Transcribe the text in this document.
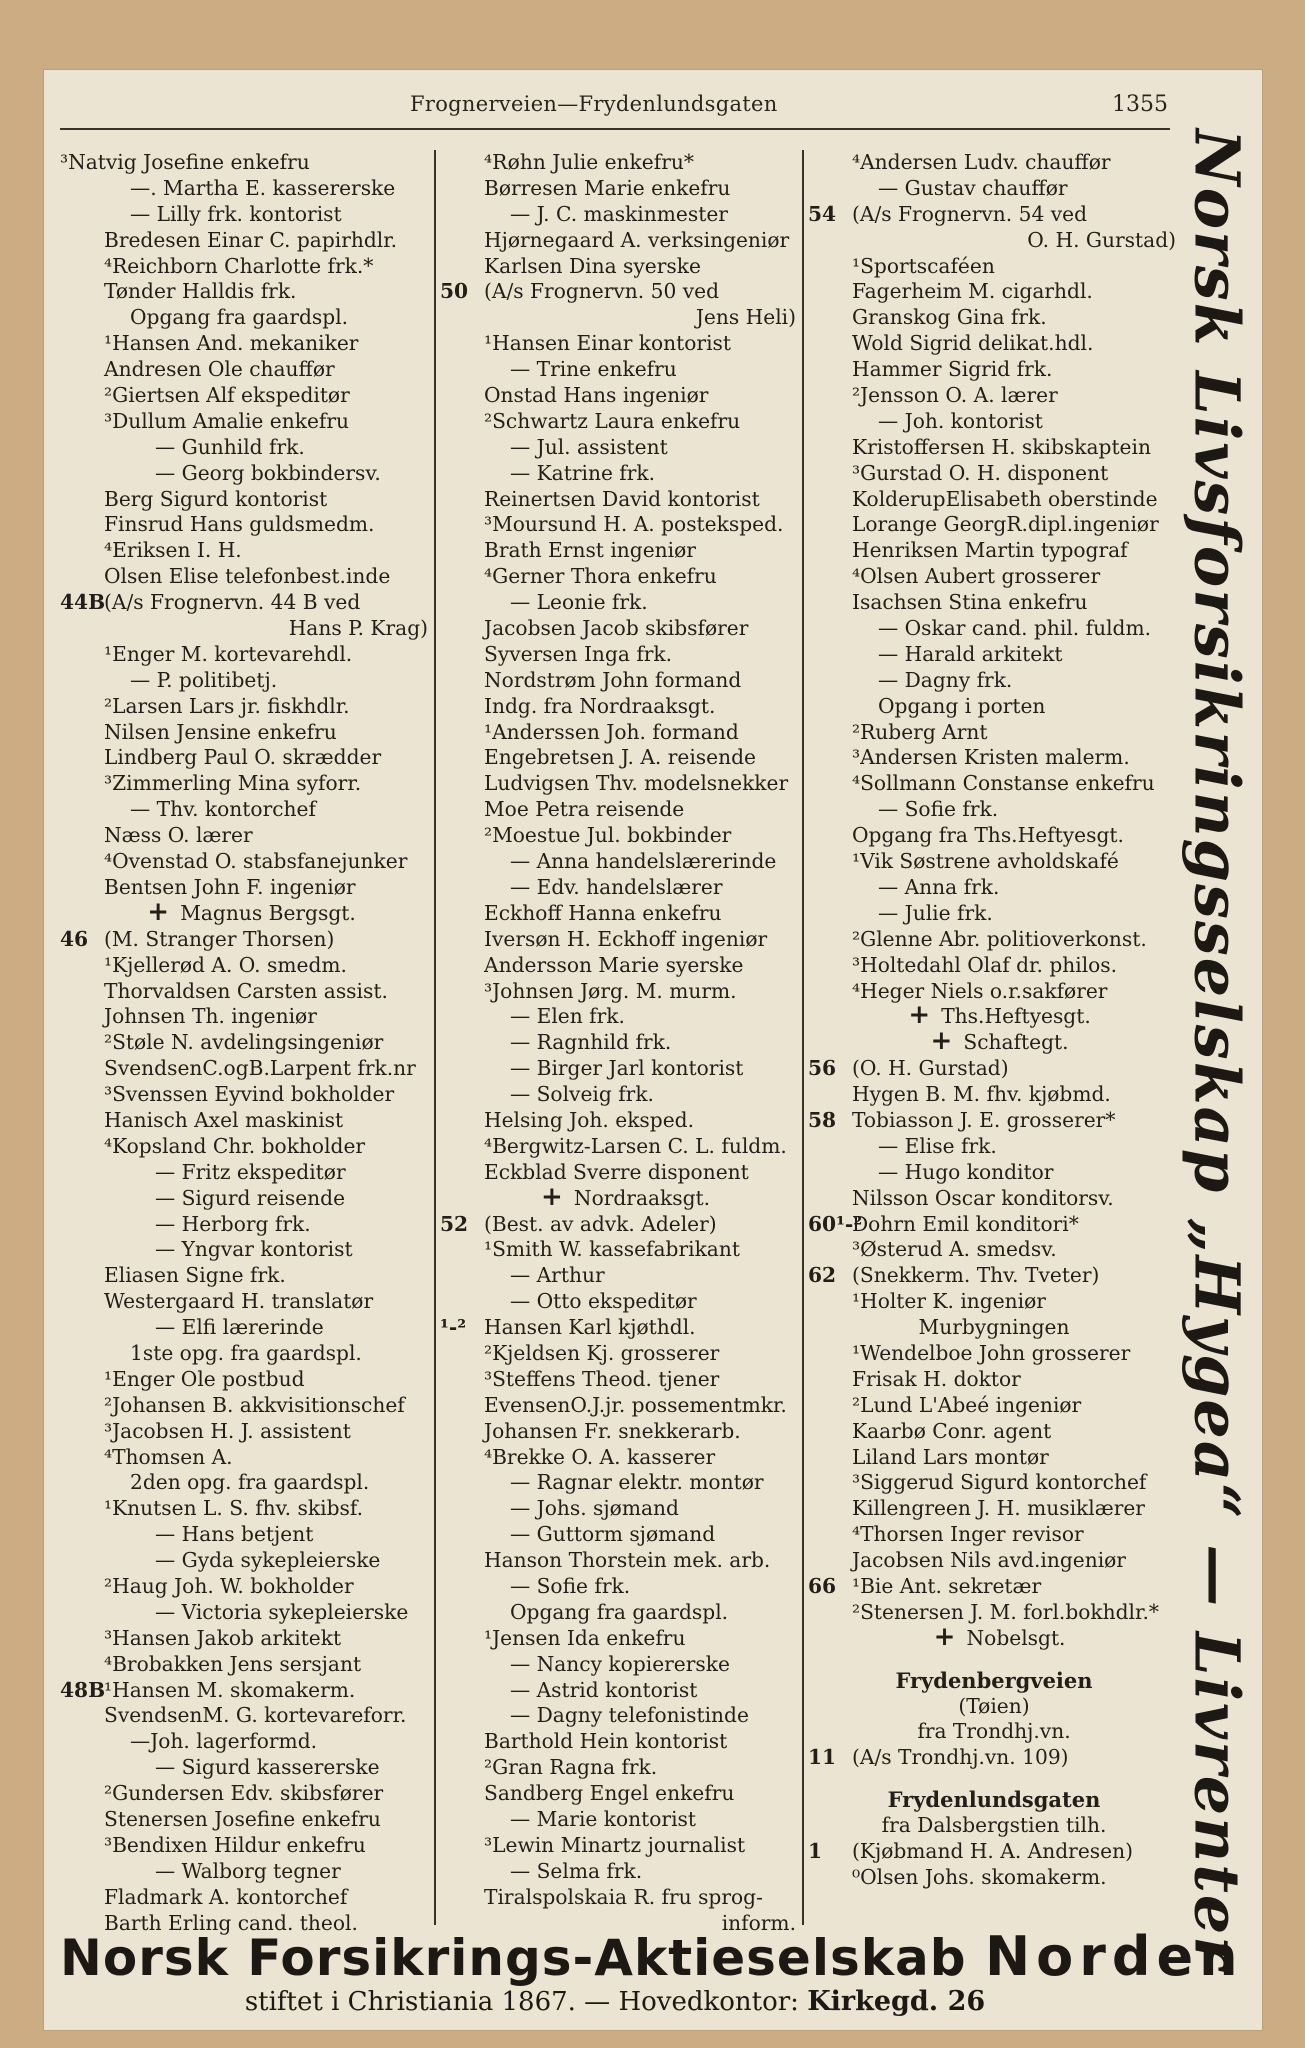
Frognerveien—Frydenlundsgaten	1355
³Natvig Josefine enkefru
—. Martha E. kassererske
— Lilly frk. kontorist
Bredesen Einar C. papirhdlr.
⁴Reichborn Charlotte frk.*
Tønder Halldis frk.
Opgang fra gaardspl.
¹Hansen And. mekaniker
Andresen Ole chauffør
²Giertsen Alf ekspeditør
³Dullum Amalie enkefru
— Gunhild frk.
— Georg bokbindersv.
Berg Sigurd kontorist
Finsrud Hans guldsmedm.
⁴Eriksen I. H.
Olsen Elise telefonbest.inde
44B(A/s Frognervn. 44 B ved
Hans P. Krag)
¹Enger M. kortevarehdl.
— P. politibetj.
²Larsen Lars jr. fiskhdlr.
Nilsen Jensine enkefru
Lindberg Paul O. skrædder
³Zimmerling Mina syforr.
— Thv. kontorchef
Næss O. lærer
⁴Ovenstad O. stabsfanejunker
Bentsen John F. ingeniør
+ Magnus Bergsgt.
46 (M. Stranger Thorsen)
¹Kjellerød A. O. smedm.
Thorvaldsen Carsten assist.
Johnsen Th. ingeniør
²Støle N. avdelingsingeniør
SvendsenC.ogB.Larpent frk.nr
³Svenssen Eyvind bokholder
Hanisch Axel maskinist
⁴Kopsland Chr. bokholder
— Fritz ekspeditør
— Sigurd reisende
— Herborg frk.
— Yngvar kontorist
Eliasen Signe frk.
Westergaard H. translatør
— Elfi lærerinde
1ste opg. fra gaardspl.
¹Enger Ole postbud
²Johansen B. akkvisitionschef
³Jacobsen H. J. assistent
⁴Thomsen A.
2den opg. fra gaardspl.
¹Knutsen L. S. fhv. skibsf.
— Hans betjent
— Gyda sykepleierske
²Haug Joh. W. bokholder
— Victoria sykepleierske
³Hansen Jakob arkitekt
⁴Brobakken Jens sersjant
48B¹Hansen M. skomakerm.
SvendsenM. G. kortevareforr.
—Joh. lagerformd.
— Sigurd kassererske
²Gundersen Edv. skibsfører
Stenersen Josefine enkefru
³Bendixen Hildur enkefru
— Walborg tegner
Fladmark A. kontorchef
Barth Erling cand. theol.
⁴Røhn Julie enkefru*
Børresen Marie enkefru
— J. C. maskinmester
Hjørnegaard A. verksingeniør
Karlsen Dina syerske
50 (A/s Frognervn. 50 ved
Jens Heli)
¹Hansen Einar kontorist
— Trine enkefru
Onstad Hans ingeniør
²Schwartz Laura enkefru
— Jul. assistent
— Katrine frk.
Reinertsen David kontorist
³Moursund H. A. posteksped.
Brath Ernst ingeniør
⁴Gerner Thora enkefru
— Leonie frk.
Jacobsen Jacob skibsfører
Syversen Inga frk.
Nordstrøm John formand
Indg. fra Nordraaksgt.
¹Anderssen Joh. formand
Engebretsen J. A. reisende
Ludvigsen Thv. modelsnekker
Moe Petra reisende
²Moestue Jul. bokbinder
— Anna handelslærerinde
— Edv. handelslærer
Eckhoff Hanna enkefru
Iversøn H. Eckhoff ingeniør
Andersson Marie syerske
³Johnsen Jørg. M. murm.
— Elen frk.
— Ragnhild frk.
— Birger Jarl kontorist
— Solveig frk.
Helsing Joh. eksped.
⁴Bergwitz-Larsen C. L. fuldm.
Eckblad Sverre disponent
+ Nordraaksgt.
52 (Best. av advk. Adeler)
¹Smith W. kassefabrikant
— Arthur
— Otto ekspeditør
¹-² Hansen Karl kjøthdl.
²Kjeldsen Kj. grosserer
³Steffens Theod. tjener
EvensenO.J.jr. possementmkr.
Johansen Fr. snekkerarb.
⁴Brekke O. A. kasserer
— Ragnar elektr. montør
— Johs. sjømand
— Guttorm sjømand
Hanson Thorstein mek. arb.
— Sofie frk.
Opgang fra gaardspl.
¹Jensen Ida enkefru
— Nancy kopiererske
— Astrid kontorist
— Dagny telefonistinde
Barthold Hein kontorist
²Gran Ragna frk.
Sandberg Engel enkefru
— Marie kontorist
³Lewin Minartz journalist
— Selma frk.
Tiralspolskaia R. fru sprog-
inform.
⁴Andersen Ludv. chauffør
— Gustav chauffør
54 (A/s Frognervn. 54 ved
O. H. Gurstad)
¹Sportscaféen
Fagerheim M. cigarhdl.
Granskog Gina frk.
Wold Sigrid delikat.hdl.
Hammer Sigrid frk.
²Jensson O. A. lærer
— Joh. kontorist
Kristoffersen H. skibskaptein
³Gurstad O. H. disponent
KolderupElisabeth oberstinde
Lorange GeorgR.dipl.ingeniør
Henriksen Martin typograf
⁴Olsen Aubert grosserer
Isachsen Stina enkefru
— Oskar cand. phil. fuldm.
— Harald arkitekt
— Dagny frk.
Opgang i porten
²Ruberg Arnt
³Andersen Kristen malerm.
⁴Sollmann Constanse enkefru
— Sofie frk.
Opgang fra Ths.Heftyesgt.
¹Vik Søstrene avholdskafé
— Anna frk.
— Julie frk.
²Glenne Abr. politioverkonst.
³Holtedahl Olaf dr. philos.
⁴Heger Niels o.r.sakfører
+ Ths.Heftyesgt.
+ Schaftegt.
56 (O. H. Gurstad)
Hygen B. M. fhv. kjøbmd.
58 Tobiasson J. E. grosserer*
— Elise frk.
— Hugo konditor
Nilsson Oscar konditorsv.
60¹-²Dohrn Emil konditori*
³Østerud A. smedsv.
62 (Snekkerm. Thv. Tveter)
¹Holter K. ingeniør
Murbygningen
¹Wendelboe John grosserer
Frisak H. doktor
²Lund L'Abeé ingeniør
Kaarbø Conr. agent
Liland Lars montør
³Siggerud Sigurd kontorchef
Killengreen J. H. musiklærer
⁴Thorsen Inger revisor
Jacobsen Nils avd.ingeniør
66 ¹Bie Ant. sekretær
²Stenersen J. M. forl.bokhdlr.*
+ Nobelsgt.
Frydenbergveien
(Tøien)
fra Trondhj.vn.
11 (A/s Trondhj.vn. 109)
Frydenlundsgaten
fra Dalsbergstien tilh.
1 (Kjøbmand H. A. Andresen)
⁰Olsen Johs. skomakerm.	Norsk Livsforsikringsselskap „Hygea“ — Livrenter
Norsk Forsikrings-Aktieselskab Norden
stiftet i Christiania 1867. — Hovedkontor: Kirkegd. 26
